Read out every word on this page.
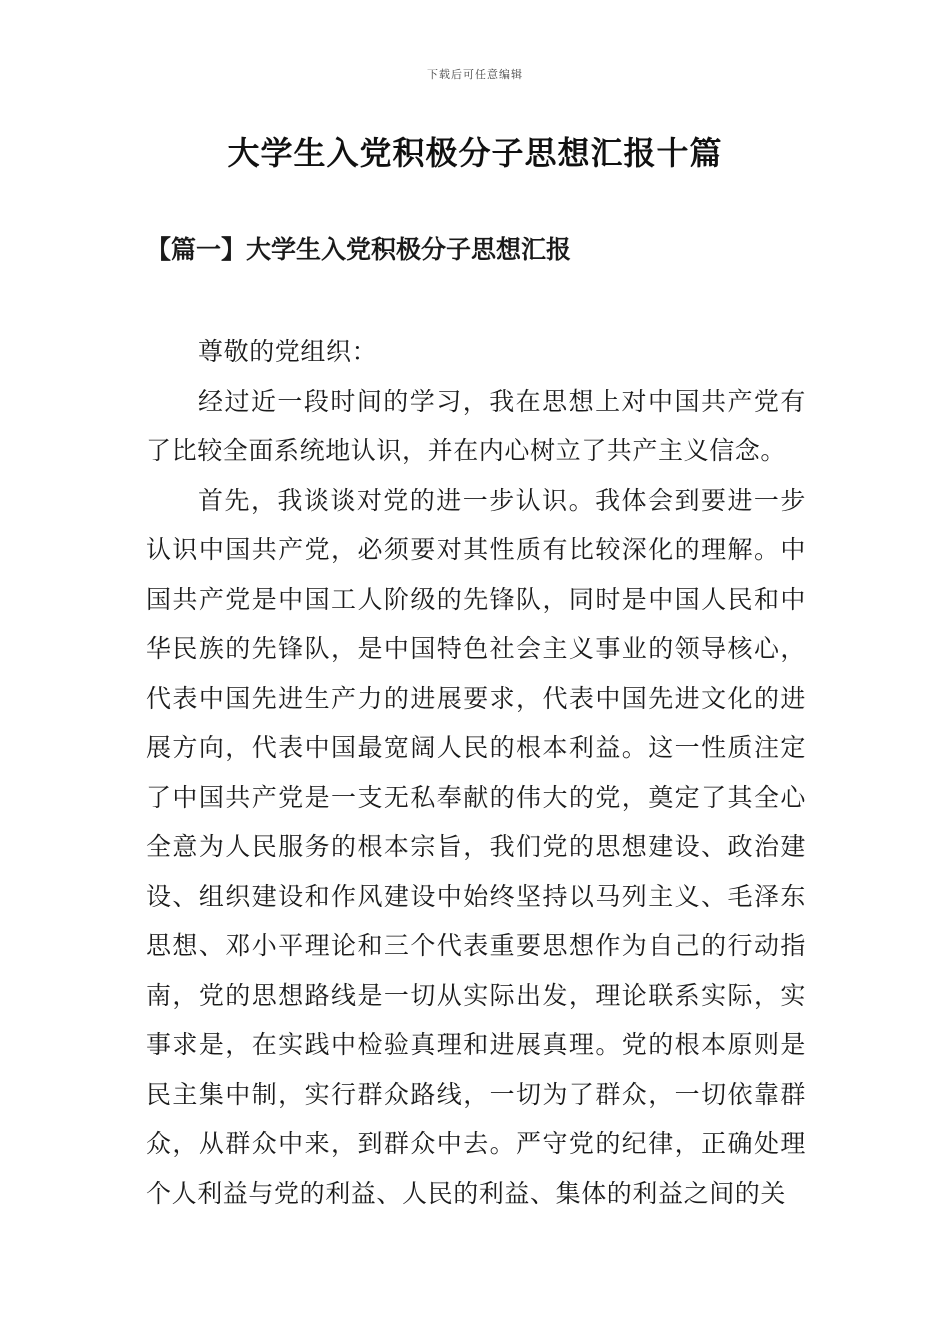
下载后可任意编辑
大学生入党积极分子思想汇报十篇
【篇一】大学生入党积极分子思想汇报

尊敬的党组织：

经过近一段时间的学习，我在思想上对中国共产党有了比较全面系统地认识，并在内心树立了共产主义信念。

首先，我谈谈对党的进一步认识。我体会到要进一步认识中国共产党，必须要对其性质有比较深化的理解。中国共产党是中国工人阶级的先锋队，同时是中国人民和中华民族的先锋队，是中国特色社会主义事业的领导核心，代表中国先进生产力的进展要求，代表中国先进文化的进展方向，代表中国最宽阔人民的根本利益。这一性质注定了中国共产党是一支无私奉献的伟大的党，奠定了其全心全意为人民服务的根本宗旨，我们党的思想建设、政治建设、组织建设和作风建设中始终坚持以马列主义、毛泽东思想、邓小平理论和三个代表重要思想作为自己的行动指南，党的思想路线是一切从实际出发，理论联系实际，实事求是，在实践中检验真理和进展真理。党的根本原则是民主集中制，实行群众路线，一切为了群众，一切依靠群众，从群众中来，到群众中去。严守党的纪律，正确处理个人利益与党的利益、人民的利益、集体的利益之间的关
